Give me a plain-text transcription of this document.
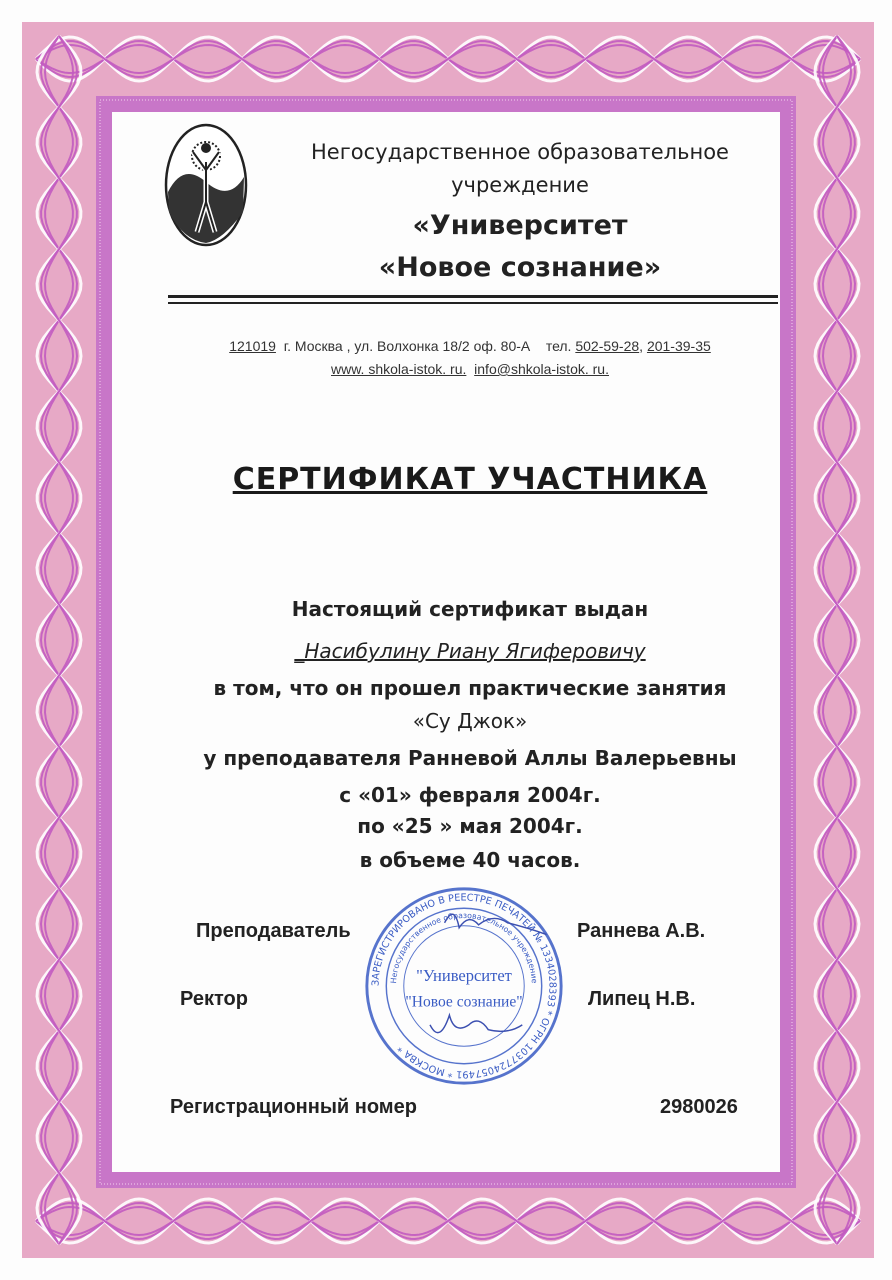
Негосударственное образовательное
учреждение
«Университет
«Новое сознание»
121019 г. Москва , ул. Волхонка 18/2 оф. 80-А тел. 502-59-28, 201-39-35
www. shkola-istok. ru. info@shkola-istok. ru.
СЕРТИФИКАТ УЧАСТНИКА
Настоящий сертификат выдан
_Насибулину Риану Ягиферовичу
в том, что он прошел практические занятия
«Су Джок»
у преподавателя Ранневой Аллы Валерьевны
с «01» февраля 2004г.
по «25 » мая 2004г.
в объеме 40 часов.
Преподаватель	Раннева А.В.
Ректор	Липец Н.В.
Регистрационный номер	2980026
ЗАРЕГИСТРИРОВАНО В РЕЕСТРЕ ПЕЧАТЕЙ № 1334028393 * ОГРН 1037724057491 * МОСКВА *
Негосударственное образовательное учреждение
"Университет
"Новое сознание"
